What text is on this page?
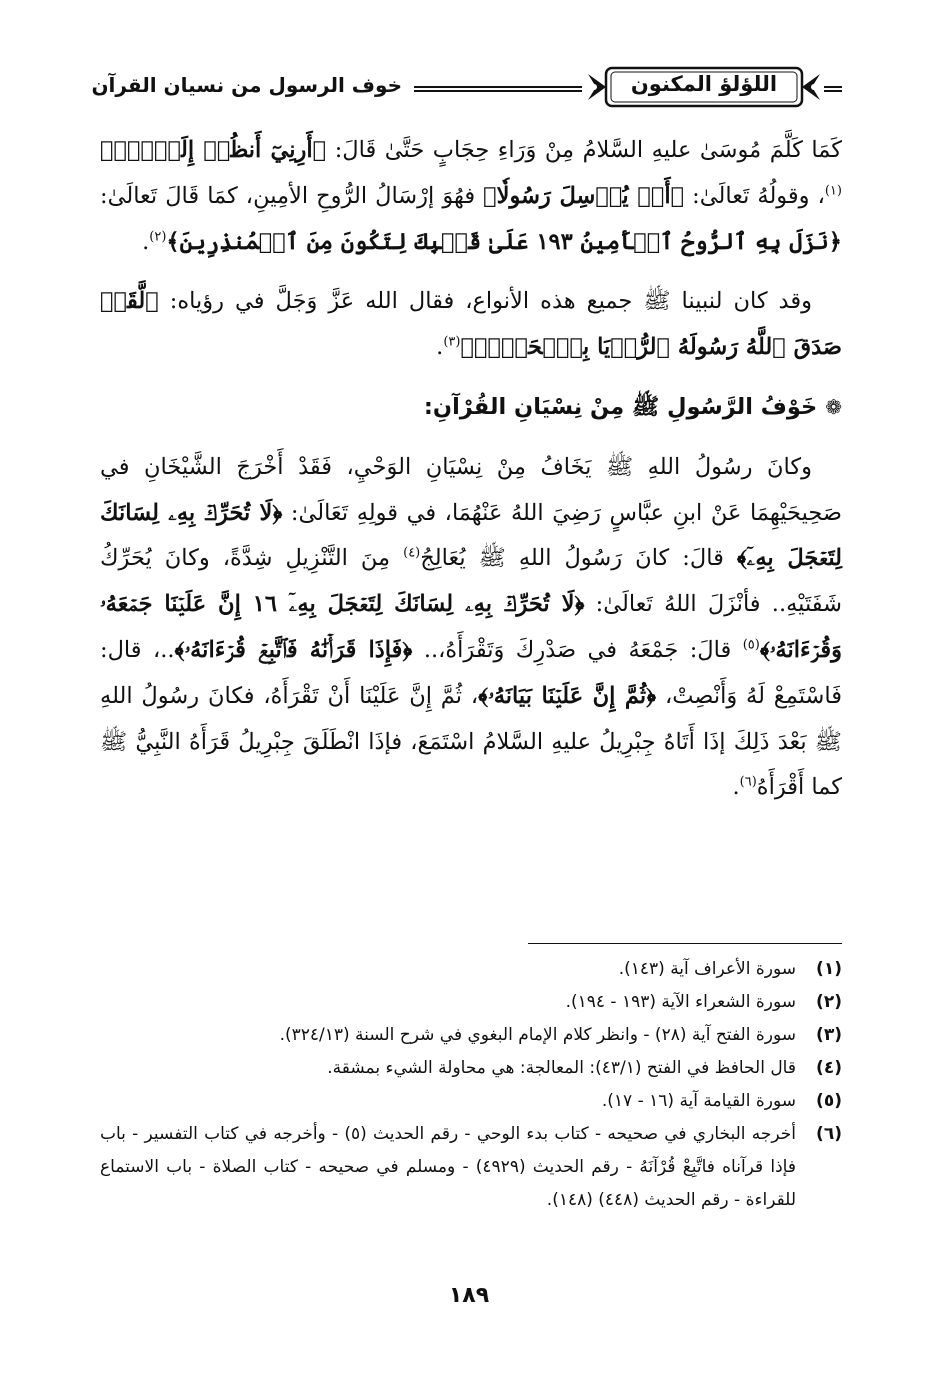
اللؤلؤ المكنون
خوف الرسول من نسيان القرآن

كَمَا كَلَّمَ مُوسَىٰ عليهِ السَّلامُ مِنْ وَرَاءِ حِجَابٍ حَتَّىٰ قَالَ: ﴿أَرِنِيٓ أَنظُرۡ إِلَيۡكَۚ﴾$^{(١)}$، وقولُهُ تَعالَىٰ: ﴿أَوۡ يُرۡسِلَ رَسُولٗا﴾ فهُوَ إرْسَالُ الرُّوحِ الأمِينِ، كمَا قَالَ تَعالَىٰ: ﴿نَزَلَ بِهِ ٱلرُّوحُ ٱلۡأَمِينُ ١٩٣ عَلَىٰ قَلۡبِكَ لِتَكُونَ مِنَ ٱلۡمُنذِرِينَ﴾$^{(٢)}$.

وقد كان لنبينا ﷺ جميع هذه الأنواع، فقال الله عَزَّ وَجَلَّ في رؤياه: ﴿لَّقَدۡ صَدَقَ ٱللَّهُ رَسُولَهُ ٱلرُّءۡيَا بِٱلۡحَقِّۖ﴾$^{(٣)}$.

❁خَوْفُ الرَّسُولِ ﷺ مِنْ نِسْيَانِ القُرْآنِ:

وكانَ رسُولُ اللهِ ﷺ يَخَافُ مِنْ نِسْيَانِ الوَحْيِ، فَقَدْ أَخْرَجَ الشَّيْخَانِ في صَحِيحَيْهِمَا عَنْ ابنِ عبَّاسٍ رَضِيَ اللهُ عَنْهُمَا، في قولِهِ تَعَالَىٰ: ﴿لَا تُحَرِّكۡ بِهِۦ لِسَانَكَ لِتَعۡجَلَ بِهِۦٓ﴾ قالَ: كانَ رَسُولُ اللهِ ﷺ يُعَالِجُ$^{(٤)}$ مِنَ التَّنْزِيلِ شِدَّةً، وكانَ يُحَرِّكُ شَفَتَيْهِ.. فأنْزَلَ اللهُ تَعالَىٰ: ﴿لَا تُحَرِّكۡ بِهِۦ لِسَانَكَ لِتَعۡجَلَ بِهِۦٓ ١٦ إِنَّ عَلَيۡنَا جَمۡعَهُۥ وَقُرۡءَانَهُۥ﴾$^{(٥)}$ قالَ: جَمْعَهُ في صَدْرِكَ وَتَقْرَأَهُ،.. ﴿فَإِذَا قَرَأۡنَٰهُ فَٱتَّبِعۡ قُرۡءَانَهُۥ﴾..، قال: فَاسْتَمِعْ لَهُ وَأَنْصِتْ، ﴿ثُمَّ إِنَّ عَلَيۡنَا بَيَانَهُۥ﴾، ثُمَّ إِنَّ عَلَيْنَا أَنْ تَقْرَأَهُ، فكانَ رسُولُ اللهِ ﷺ بَعْدَ ذَلِكَ إذَا أَتَاهُ جِبْرِيلُ عليهِ السَّلامُ اسْتَمَعَ، فإذَا انْطَلَقَ جِبْرِيلُ قَرَأَهُ النَّبِيُّ ﷺ كما أَقْرَأَهُ$^{(٦)}$.

(١)
سورة الأعراف آية (١٤٣).
(٢)
سورة الشعراء الآية (١٩٣ - ١٩٤).
(٣)
سورة الفتح آية (٢٨) - وانظر كلام الإمام البغوي في شرح السنة (٣٢٤/١٣).
(٤)
قال الحافظ في الفتح (٤٣/١): المعالجة: هي محاولة الشيء بمشقة.
(٥)
سورة القيامة آية (١٦ - ١٧).
(٦)
أخرجه البخاري في صحيحه - كتاب بدء الوحي - رقم الحديث (٥) - وأخرجه في كتاب التفسير - باب فإذا قرآناه فاتَّبِعْ قُرْآنَهُ - رقم الحديث (٤٩٢٩) - ومسلم في صحيحه - كتاب الصلاة - باب الاستماع للقراءة - رقم الحديث (٤٤٨) (١٤٨).
١٨٩
